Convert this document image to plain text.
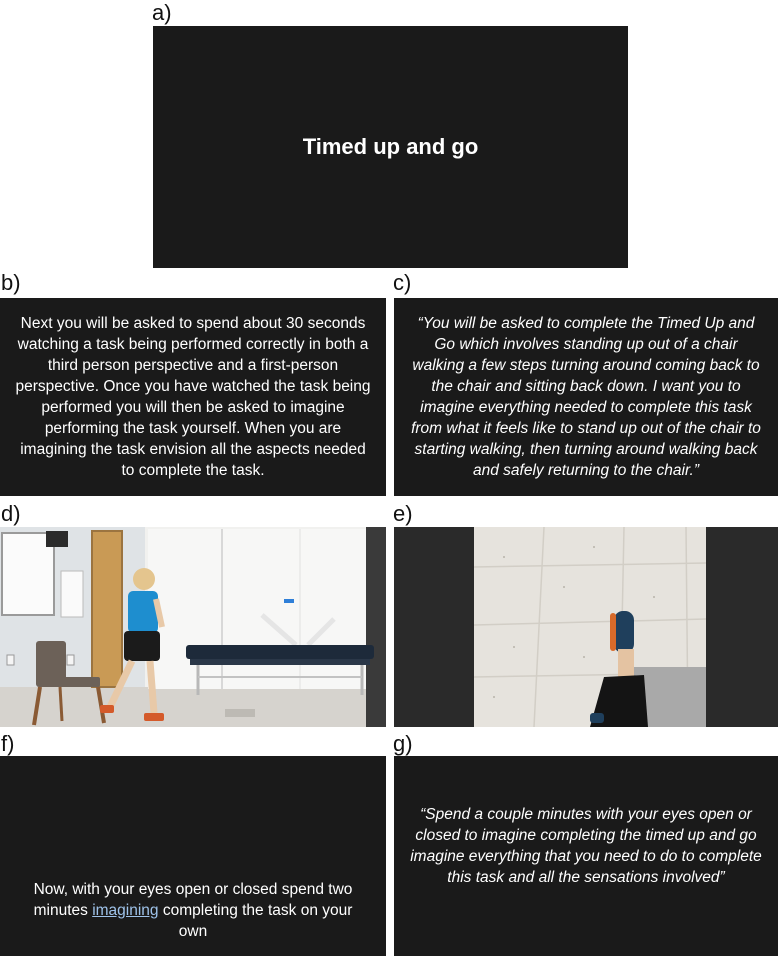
a)
Timed up and go
b)
Next you will be asked to spend about 30 seconds watching a task being performed correctly in both a third person perspective and a first-person perspective. Once you have watched the task being performed you will then be asked to imagine performing the task yourself. When you are imagining the task envision all the aspects needed to complete the task.
c)
“You will be asked to complete the Timed Up and Go which involves standing up out of a chair walking a few steps turning around coming back to the chair and sitting back down. I want you to imagine everything needed to complete this task from what it feels like to stand up out of the chair to starting walking, then turning around walking back and safely returning to the chair.”
d)	e)
f)
Now, with your eyes open or closed spend two minutes imagining completing the task on your own
g)
“Spend a couple minutes with your eyes open or closed to imagine completing the timed up and go imagine everything that you need to do to complete this task and all the sensations involved”
